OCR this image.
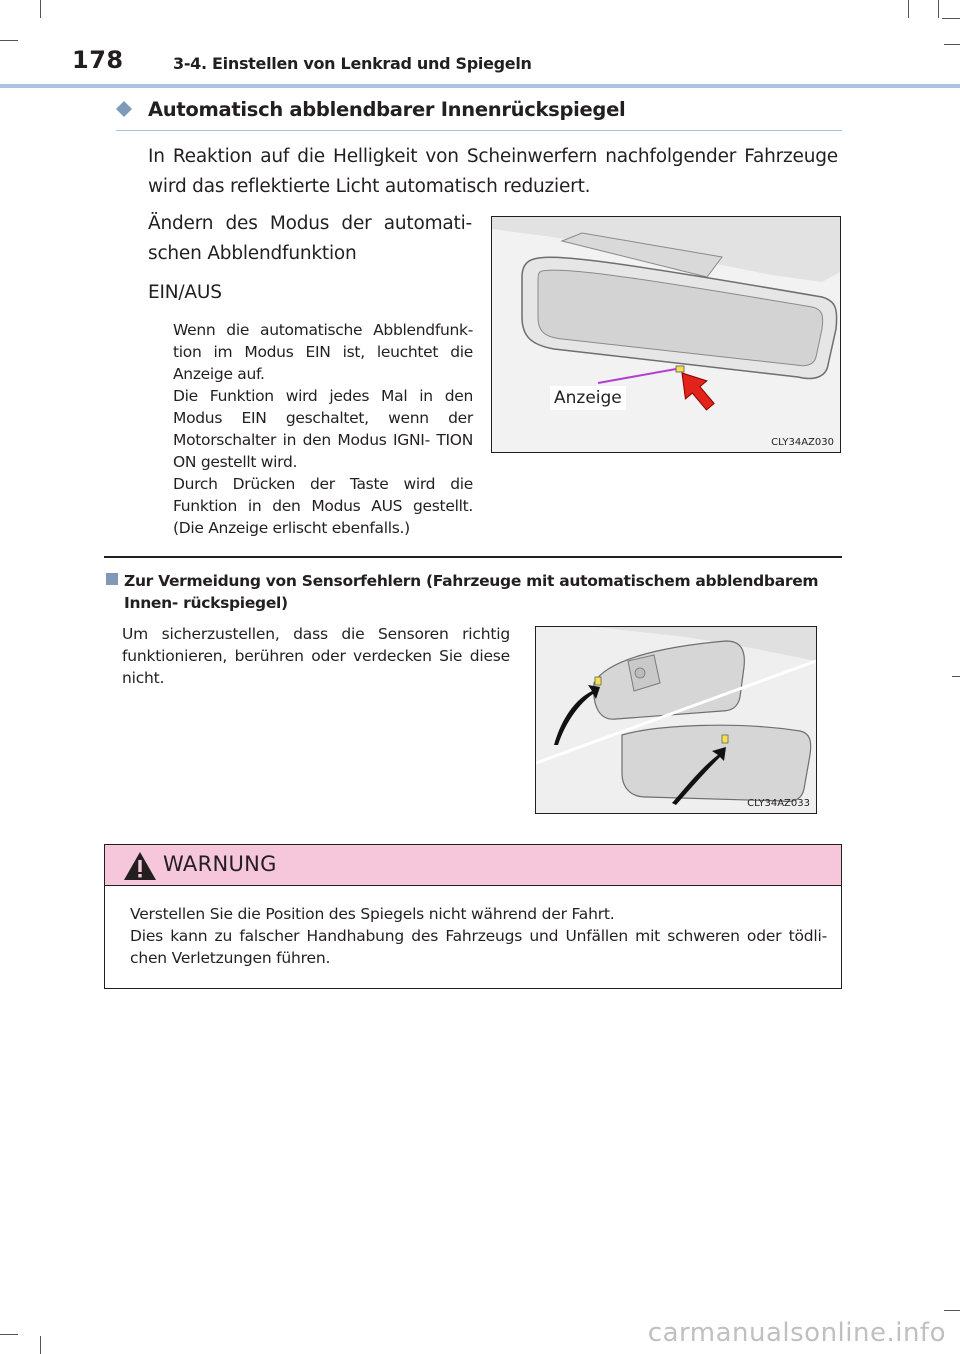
178	3-4. Einstellen von Lenkrad und Spiegeln
Automatisch abblendbarer Innenrückspiegel
In Reaktion auf die Helligkeit von Scheinwerfern nachfolgender Fahrzeuge wird das reflektierte Licht automatisch reduziert.
Ändern des Modus der automati- schen Abblendfunktion
EIN/AUS

Wenn die automatische Abblendfunk- tion im Modus EIN ist, leuchtet die Anzeige auf.

Die Funktion wird jedes Mal in den Modus EIN geschaltet, wenn der Motorschalter in den Modus IGNI- TION ON gestellt wird.

Durch Drücken der Taste wird die Funktion in den Modus AUS gestellt. (Die Anzeige erlischt ebenfalls.)

Anzeige
CLY34AZ030
Zur Vermeidung von Sensorfehlern (Fahrzeuge mit automatischem abblendbarem Innen- rückspiegel)
Um sicherzustellen, dass die Sensoren richtig funktionieren, berühren oder verdecken Sie diese nicht.
CLY34AZ033
WARNUNG

Verstellen Sie die Position des Spiegels nicht während der Fahrt.

Dies kann zu falscher Handhabung des Fahrzeugs und Unfällen mit schweren oder tödli- chen Verletzungen führen.

carmanualsonline.info
